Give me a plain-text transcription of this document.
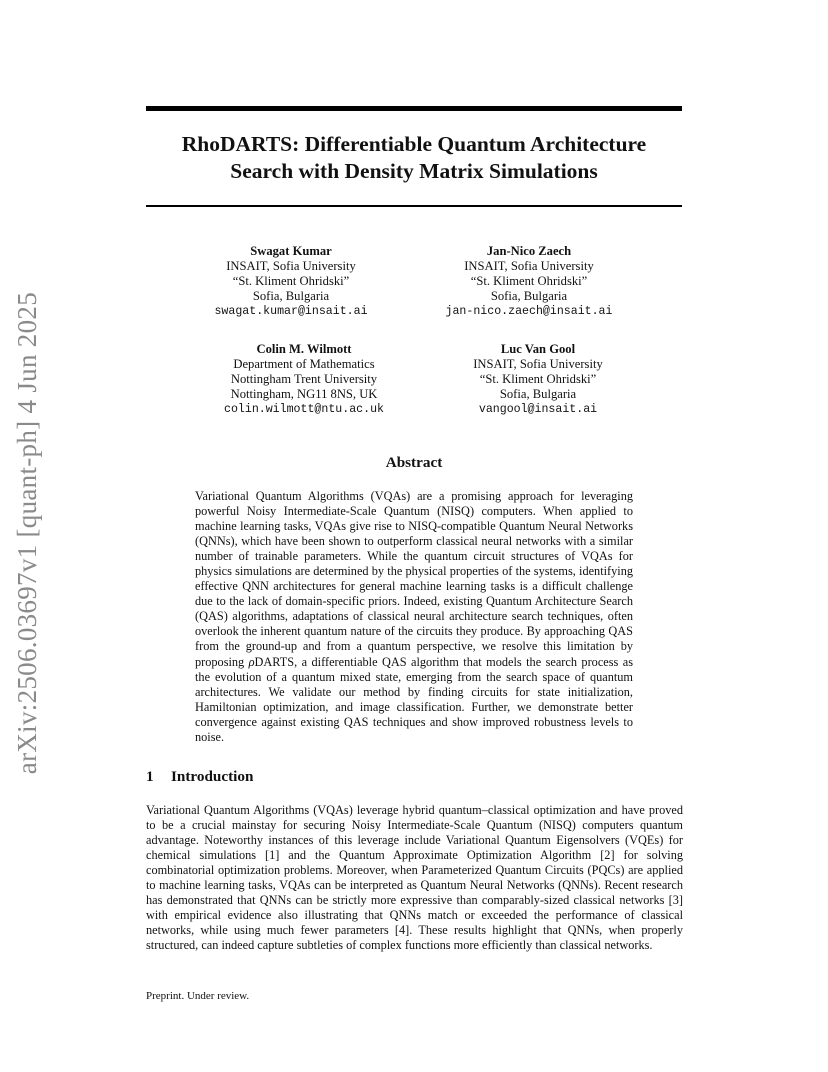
arXiv:2506.03697v1 [quant-ph] 4 Jun 2025
RhoDARTS: Differentiable Quantum Architecture
Search with Density Matrix Simulations
Swagat Kumar
INSAIT, Sofia University
“St. Kliment Ohridski”
Sofia, Bulgaria
swagat.kumar@insait.ai
Jan-Nico Zaech
INSAIT, Sofia University
“St. Kliment Ohridski”
Sofia, Bulgaria
jan-nico.zaech@insait.ai
Colin M. Wilmott
Department of Mathematics
Nottingham Trent University
Nottingham, NG11 8NS, UK
colin.wilmott@ntu.ac.uk
Luc Van Gool
INSAIT, Sofia University
“St. Kliment Ohridski”
Sofia, Bulgaria
vangool@insait.ai
Abstract

Variational Quantum Algorithms (VQAs) are a promising approach for leveraging powerful Noisy Intermediate-Scale Quantum (NISQ) computers. When applied to machine learning tasks, VQAs give rise to NISQ-compatible Quantum Neural Networks (QNNs), which have been shown to outperform classical neural networks with a similar number of trainable parameters. While the quantum circuit structures of VQAs for physics simulations are determined by the physical properties of the systems, identifying effective QNN architectures for general machine learning tasks is a difficult challenge due to the lack of domain-specific priors. Indeed, existing Quantum Architecture Search (QAS) algorithms, adaptations of classical neural architecture search techniques, often overlook the inherent quantum nature of the circuits they produce. By approaching QAS from the ground-up and from a quantum perspective, we resolve this limitation by proposing ρDARTS, a differentiable QAS algorithm that models the search process as the evolution of a quantum mixed state, emerging from the search space of quantum architectures. We validate our method by finding circuits for state initialization, Hamiltonian optimization, and image classification. Further, we demonstrate better convergence against existing QAS techniques and show improved robustness levels to noise.

1 Introduction

Variational Quantum Algorithms (VQAs) leverage hybrid quantum–classical optimization and have proved to be a crucial mainstay for securing Noisy Intermediate-Scale Quantum (NISQ) computers quantum advantage. Noteworthy instances of this leverage include Variational Quantum Eigensolvers (VQEs) for chemical simulations [1] and the Quantum Approximate Optimization Algorithm [2] for solving combinatorial optimization problems. Moreover, when Parameterized Quantum Circuits (PQCs) are applied to machine learning tasks, VQAs can be interpreted as Quantum Neural Networks (QNNs). Recent research has demonstrated that QNNs can be strictly more expressive than comparably-sized classical networks [3] with empirical evidence also illustrating that QNNs match or exceeded the performance of classical networks, while using much fewer parameters [4]. These results highlight that QNNs, when properly structured, can indeed capture subtleties of complex functions more efficiently than classical networks.

Preprint. Under review.
